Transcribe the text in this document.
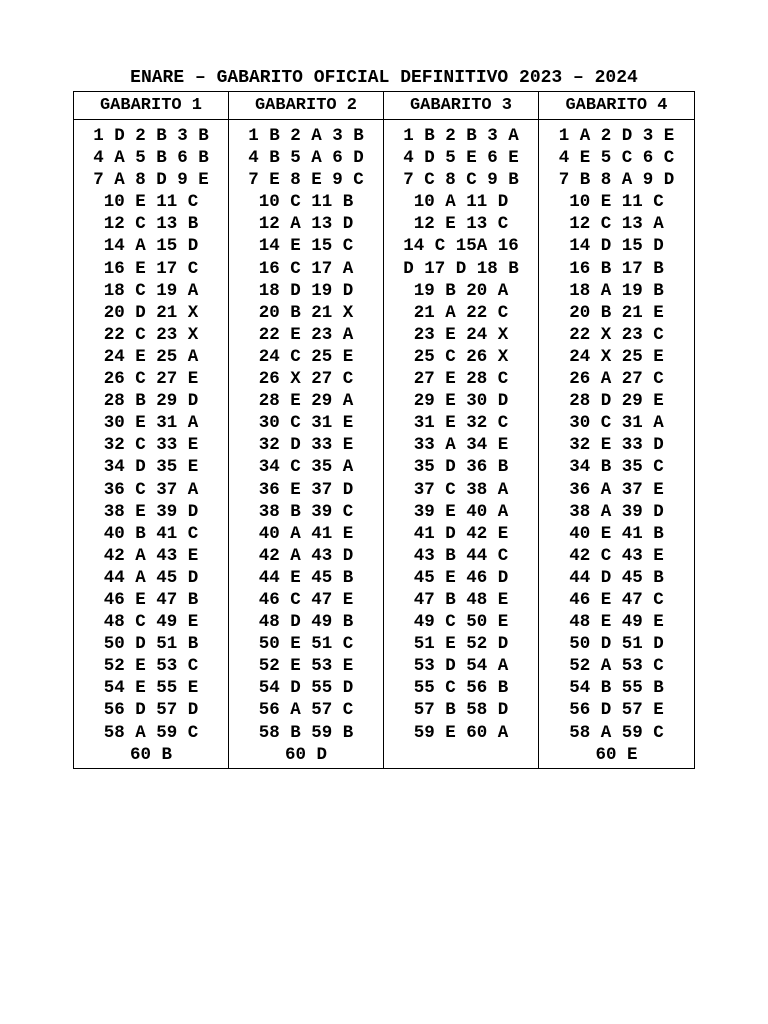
ENARE – GABARITO OFICIAL DEFINITIVO 2023 – 2024
GABARITO 1
1 D 2 B 3 B
4 A 5 B 6 B
7 A 8 D 9 E
10 E 11 C
12 C 13 B
14 A 15 D
16 E 17 C
18 C 19 A
20 D 21 X
22 C 23 X
24 E 25 A
26 C 27 E
28 B 29 D
30 E 31 A
32 C 33 E
34 D 35 E
36 C 37 A
38 E 39 D
40 B 41 C
42 A 43 E
44 A 45 D
46 E 47 B
48 C 49 E
50 D 51 B
52 E 53 C
54 E 55 E
56 D 57 D
58 A 59 C
60 B
GABARITO 2
1 B 2 A 3 B
4 B 5 A 6 D
7 E 8 E 9 C
10 C 11 B
12 A 13 D
14 E 15 C
16 C 17 A
18 D 19 D
20 B 21 X
22 E 23 A
24 C 25 E
26 X 27 C
28 E 29 A
30 C 31 E
32 D 33 E
34 C 35 A
36 E 37 D
38 B 39 C
40 A 41 E
42 A 43 D
44 E 45 B
46 C 47 E
48 D 49 B
50 E 51 C
52 E 53 E
54 D 55 D
56 A 57 C
58 B 59 B
60 D
GABARITO 3
1 B 2 B 3 A
4 D 5 E 6 E
7 C 8 C 9 B
10 A 11 D
12 E 13 C
14 C 15A 16
D 17 D 18 B
19 B 20 A
21 A 22 C
23 E 24 X
25 C 26 X
27 E 28 C
29 E 30 D
31 E 32 C
33 A 34 E
35 D 36 B
37 C 38 A
39 E 40 A
41 D 42 E
43 B 44 C
45 E 46 D
47 B 48 E
49 C 50 E
51 E 52 D
53 D 54 A
55 C 56 B
57 B 58 D
59 E 60 A
GABARITO 4
1 A 2 D 3 E
4 E 5 C 6 C
7 B 8 A 9 D
10 E 11 C
12 C 13 A
14 D 15 D
16 B 17 B
18 A 19 B
20 B 21 E
22 X 23 C
24 X 25 E
26 A 27 C
28 D 29 E
30 C 31 A
32 E 33 D
34 B 35 C
36 A 37 E
38 A 39 D
40 E 41 B
42 C 43 E
44 D 45 B
46 E 47 C
48 E 49 E
50 D 51 D
52 A 53 C
54 B 55 B
56 D 57 E
58 A 59 C
60 E
